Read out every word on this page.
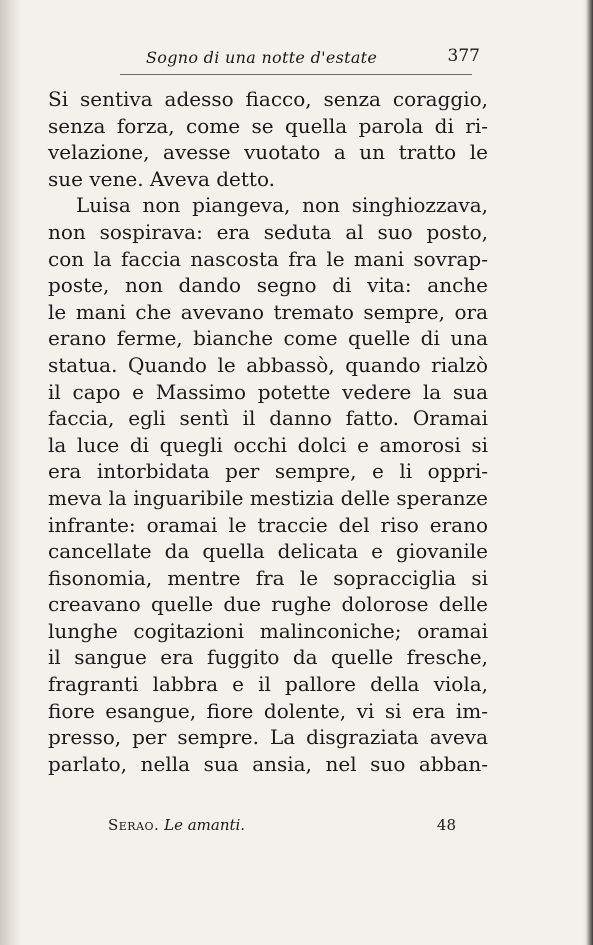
Sogno di una notte d'estate	377
Si sentiva adesso fiacco, senza coraggio,
senza forza, come se quella parola di ri-
velazione, avesse vuotato a un tratto le
sue vene. Aveva detto.
Luisa non piangeva, non singhiozzava,
non sospirava: era seduta al suo posto,
con la faccia nascosta fra le mani sovrap-
poste, non dando segno di vita: anche
le mani che avevano tremato sempre, ora
erano ferme, bianche come quelle di una
statua. Quando le abbassò, quando rialzò
il capo e Massimo potette vedere la sua
faccia, egli sentì il danno fatto. Oramai
la luce di quegli occhi dolci e amorosi si
era intorbidata per sempre, e li oppri-
meva la inguaribile mestizia delle speranze
infrante: oramai le traccie del riso erano
cancellate da quella delicata e giovanile
fisonomia, mentre fra le sopracciglia si
creavano quelle due rughe dolorose delle
lunghe cogitazioni malinconiche; oramai
il sangue era fuggito da quelle fresche,
fragranti labbra e il pallore della viola,
fiore esangue, fiore dolente, vi si era im-
presso, per sempre. La disgraziata aveva
parlato, nella sua ansia, nel suo abban-
Serao. Le amanti.	48
